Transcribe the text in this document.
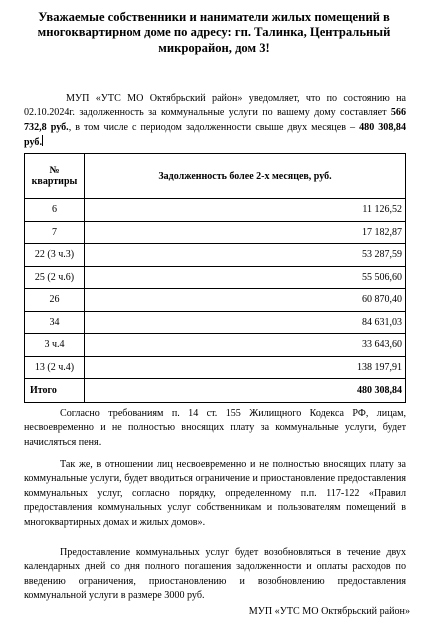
Уважаемые собственники и наниматели жилых помещений в многоквартирном доме по адресу: гп. Талинка, Центральный микрорайон, дом 3!

МУП «УТС МО Октябрьский район» уведомляет, что по состоянию на 02.10.2024г. задолженность за коммунальные услуги по вашему дому составляет 566 732,8 руб., в том числе с периодом задолженности свыше двух месяцев – 480 308,84 руб.

№ квартиры	Задолженность более 2-х месяцев, руб.
6	11 126,52
7	17 182,87
22 (3 ч.3)	53 287,59
25 (2 ч.6)	55 506,60
26	60 870,40
34	84 631,03
3 ч.4	33 643,60
13 (2 ч.4)	138 197,91
Итого	480 308,84

Согласно требованиям п. 14 ст. 155 Жилищного Кодекса РФ, лицам, несвоевременно и не полностью вносящих плату за коммунальные услуги, будет начисляться пеня.

Так же, в отношении лиц несвоевременно и не полностью вносящих плату за коммунальные услуги, будет вводиться ограничение и приостановление предоставления коммунальных услуг, согласно порядку, определенному п.п. 117-122 «Правил предоставления коммунальных услуг собственникам и пользователям помещений в многоквартирных домах и жилых домов».

Предоставление коммунальных услуг будет возобновляться в течение двух календарных дней со дня полного погашения задолженности и оплаты расходов по введению ограничения, приостановлению и возобновлению предоставления коммунальной услуги в размере 3000 руб.

МУП «УТС МО Октябрьский район»
